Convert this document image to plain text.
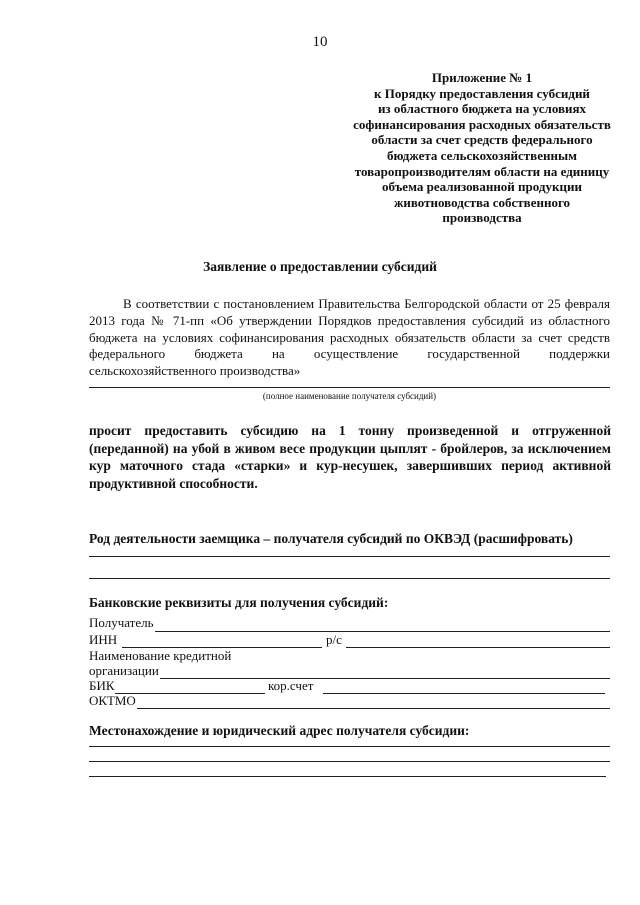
10
Приложение № 1
к Порядку предоставления субсидий
из областного бюджета на условиях
софинансирования расходных обязательств
области за счет средств федерального
бюджета сельскохозяйственным
товаропроизводителям области на единицу
объема реализованной продукции
животноводства собственного
производства
Заявление о предоставлении субсидий
В соответствии с постановлением Правительства Белгородской области от 25 февраля 2013 года № 71-пп «Об утверждении Порядков предоставления субсидий из областного бюджета на условиях софинансирования расходных обязательств области за счет средств федерального бюджета на осуществление государственной поддержки сельскохозяйственного производства»
(полное наименование получателя субсидий)
просит предоставить субсидию на 1 тонну произведенной и отгруженной (переданной) на убой в живом весе продукции цыплят - бройлеров, за исключением кур маточного стада «старки» и кур-несушек, завершивших период активной продуктивной способности.
Род деятельности заемщика – получателя субсидий по ОКВЭД (расшифровать)
Банковские реквизиты для получения субсидий:
Получатель
ИНН	р/с
Наименование кредитной
организации
БИК	кор.счет
ОКТМО
Местонахождение и юридический адрес получателя субсидии:
